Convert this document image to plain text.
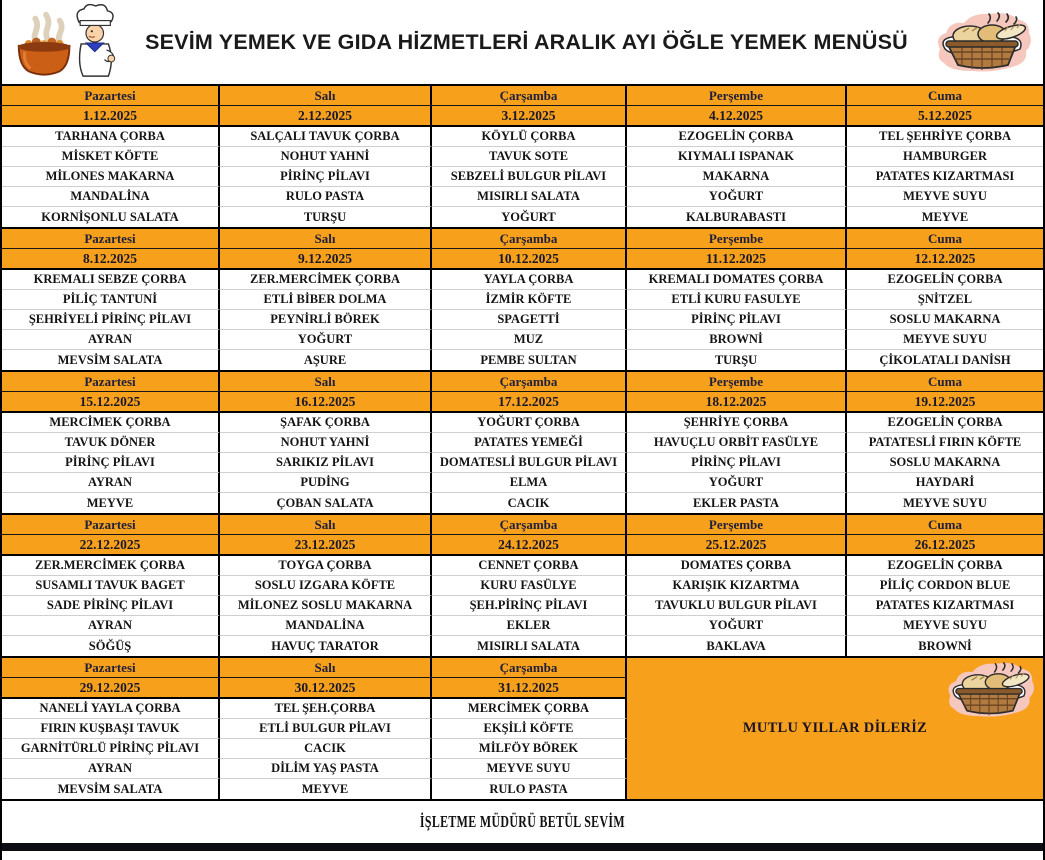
SEVİM YEMEK VE GIDA HİZMETLERİ ARALIK AYI ÖĞLE YEMEK MENÜSÜ
Pazartesi	Salı	Çarşamba	Perşembe	Cuma
1.12.2025	2.12.2025	3.12.2025	4.12.2025	5.12.2025
TARHANA ÇORBA	SALÇALI TAVUK ÇORBA	KÖYLÜ ÇORBA	EZOGELİN ÇORBA	TEL ŞEHRİYE ÇORBA
MİSKET KÖFTE	NOHUT YAHNİ	TAVUK SOTE	KIYMALI ISPANAK	HAMBURGER
MİLONES MAKARNA	PİRİNÇ PİLAVI	SEBZELİ BULGUR PİLAVI	MAKARNA	PATATES KIZARTMASI
MANDALİNA	RULO PASTA	MISIRLI SALATA	YOĞURT	MEYVE SUYU
KORNİŞONLU SALATA	TURŞU	YOĞURT	KALBURABASTI	MEYVE
Pazartesi	Salı	Çarşamba	Perşembe	Cuma
8.12.2025	9.12.2025	10.12.2025	11.12.2025	12.12.2025
KREMALI SEBZE ÇORBA	ZER.MERCİMEK ÇORBA	YAYLA ÇORBA	KREMALI DOMATES ÇORBA	EZOGELİN ÇORBA
PİLİÇ TANTUNİ	ETLİ BİBER DOLMA	İZMİR KÖFTE	ETLİ KURU FASULYE	ŞNİTZEL
ŞEHRİYELİ PİRİNÇ PİLAVI	PEYNİRLİ BÖREK	SPAGETTİ	PİRİNÇ PİLAVI	SOSLU MAKARNA
AYRAN	YOĞURT	MUZ	BROWNİ	MEYVE SUYU
MEVSİM SALATA	AŞURE	PEMBE SULTAN	TURŞU	ÇİKOLATALI DANİSH
Pazartesi	Salı	Çarşamba	Perşembe	Cuma
15.12.2025	16.12.2025	17.12.2025	18.12.2025	19.12.2025
MERCİMEK ÇORBA	ŞAFAK ÇORBA	YOĞURT ÇORBA	ŞEHRİYE ÇORBA	EZOGELİN ÇORBA
TAVUK DÖNER	NOHUT YAHNİ	PATATES YEMEĞİ	HAVUÇLU ORBİT FASÜLYE	PATATESLİ FIRIN KÖFTE
PİRİNÇ PİLAVI	SARIKIZ PİLAVI	DOMATESLİ BULGUR PİLAVI	PİRİNÇ PİLAVI	SOSLU MAKARNA
AYRAN	PUDİNG	ELMA	YOĞURT	HAYDARİ
MEYVE	ÇOBAN SALATA	CACIK	EKLER PASTA	MEYVE SUYU
Pazartesi	Salı	Çarşamba	Perşembe	Cuma
22.12.2025	23.12.2025	24.12.2025	25.12.2025	26.12.2025
ZER.MERCİMEK ÇORBA	TOYGA ÇORBA	CENNET ÇORBA	DOMATES ÇORBA	EZOGELİN ÇORBA
SUSAMLI TAVUK BAGET	SOSLU IZGARA KÖFTE	KURU FASÜLYE	KARIŞIK KIZARTMA	PİLİÇ CORDON BLUE
SADE PİRİNÇ PİLAVI	MİLONEZ SOSLU MAKARNA	ŞEH.PİRİNÇ PİLAVI	TAVUKLU BULGUR PİLAVI	PATATES KIZARTMASI
AYRAN	MANDALİNA	EKLER	YOĞURT	MEYVE SUYU
SÖĞÜŞ	HAVUÇ TARATOR	MISIRLI SALATA	BAKLAVA	BROWNİ
MUTLU YILLAR DİLERİZ
Pazartesi	Salı	Çarşamba
29.12.2025	30.12.2025	31.12.2025
NANELİ YAYLA ÇORBA	TEL ŞEH.ÇORBA	MERCİMEK ÇORBA
FIRIN KUŞBAŞI TAVUK	ETLİ BULGUR PİLAVI	EKŞİLİ KÖFTE
GARNİTÜRLÜ PİRİNÇ PİLAVI	CACIK	MİLFÖY BÖREK
AYRAN	DİLİM YAŞ PASTA	MEYVE SUYU
MEVSİM SALATA	MEYVE	RULO PASTA
İŞLETME MÜDÜRÜ BETÜL SEVİM
